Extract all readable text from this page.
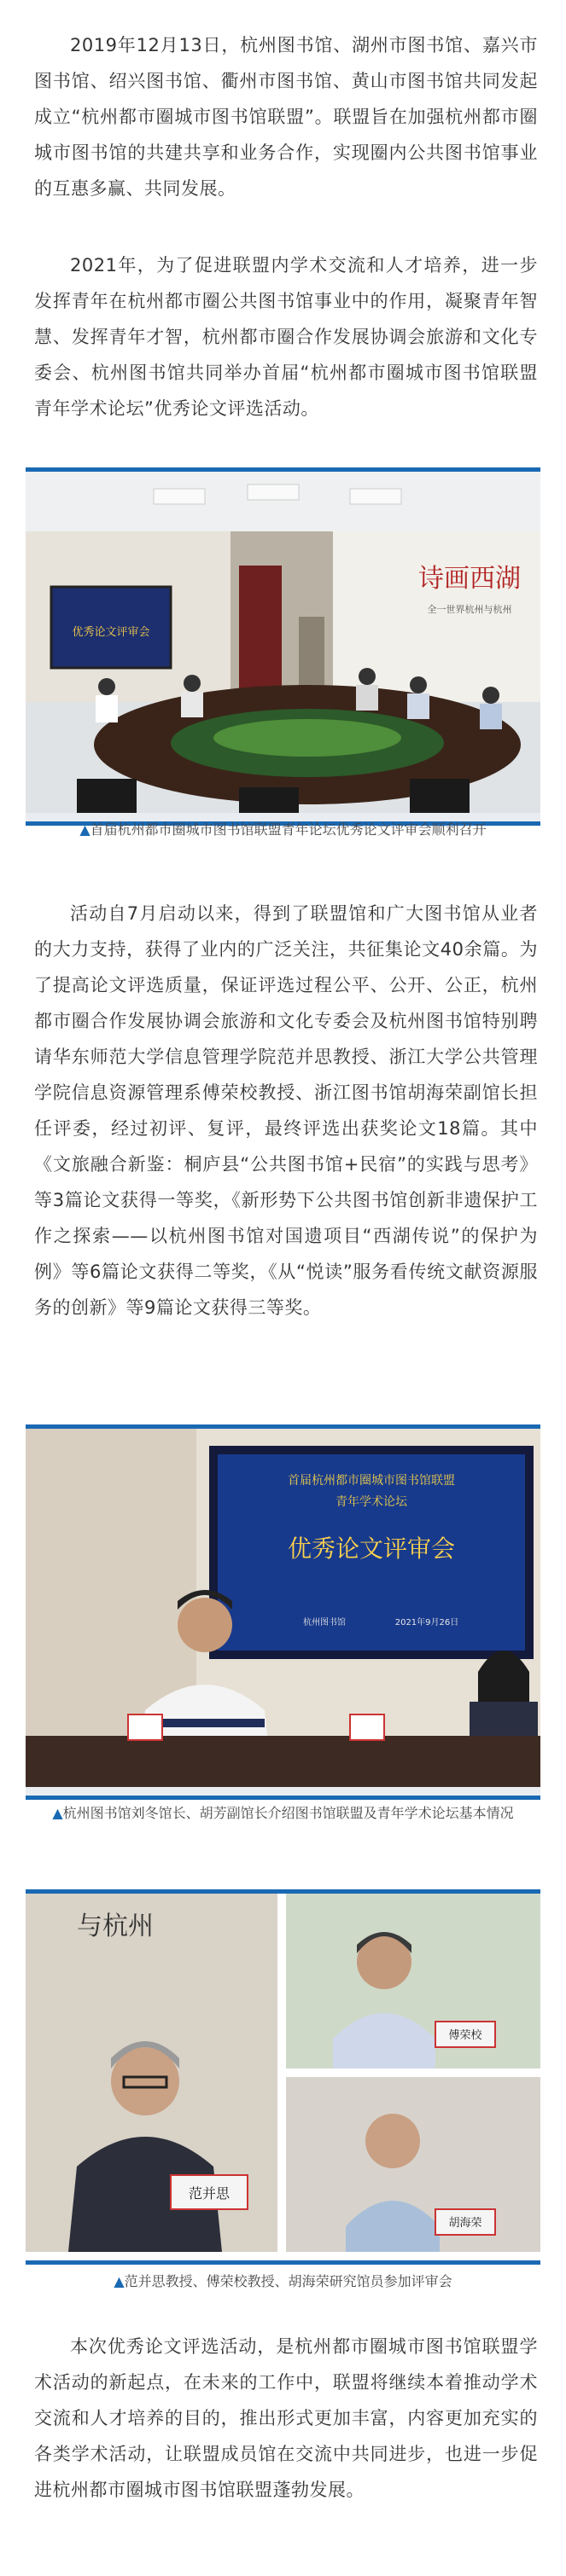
2019年12月13日，杭州图书馆、湖州市图书馆、嘉兴市图书馆、绍兴图书馆、衢州市图书馆、黄山市图书馆共同发起成立“杭州都市圈城市图书馆联盟”。联盟旨在加强杭州都市圈城市图书馆的共建共享和业务合作，实现圈内公共图书馆事业的互惠多赢、共同发展。

2021年，为了促进联盟内学术交流和人才培养，进一步发挥青年在杭州都市圈公共图书馆事业中的作用，凝聚青年智慧、发挥青年才智，杭州都市圈合作发展协调会旅游和文化专委会、杭州图书馆共同举办首届“杭州都市圈城市图书馆联盟青年学术论坛”优秀论文评选活动。

优秀论文评审会
诗画西湖
全一世界杭州与杭州
▲首届杭州都市圈城市图书馆联盟青年论坛优秀论文评审会顺利召开

活动自7月启动以来，得到了联盟馆和广大图书馆从业者的大力支持，获得了业内的广泛关注，共征集论文40余篇。为了提高论文评选质量，保证评选过程公平、公开、公正，杭州都市圈合作发展协调会旅游和文化专委会及杭州图书馆特别聘请华东师范大学信息管理学院范并思教授、浙江大学公共管理学院信息资源管理系傅荣校教授、浙江图书馆胡海荣副馆长担任评委，经过初评、复评，最终评选出获奖论文18篇。其中《文旅融合新鉴：桐庐县“公共图书馆+民宿”的实践与思考》等3篇论文获得一等奖，《新形势下公共图书馆创新非遗保护工作之探索——以杭州图书馆对国遗项目“西湖传说”的保护为例》等6篇论文获得二等奖，《从“悦读”服务看传统文献资源服务的创新》等9篇论文获得三等奖。

首届杭州都市圈城市图书馆联盟
青年学术论坛
优秀论文评审会
杭州图书馆	2021年9月26日
▲杭州图书馆刘冬馆长、胡芳副馆长介绍图书馆联盟及青年学术论坛基本情况
与杭州
范并思
傅荣校
胡海荣
▲范并思教授、傅荣校教授、胡海荣研究馆员参加评审会

本次优秀论文评选活动，是杭州都市圈城市图书馆联盟学术活动的新起点，在未来的工作中，联盟将继续本着推动学术交流和人才培养的目的，推出形式更加丰富，内容更加充实的各类学术活动，让联盟成员馆在交流中共同进步，也进一步促进杭州都市圈城市图书馆联盟蓬勃发展。
